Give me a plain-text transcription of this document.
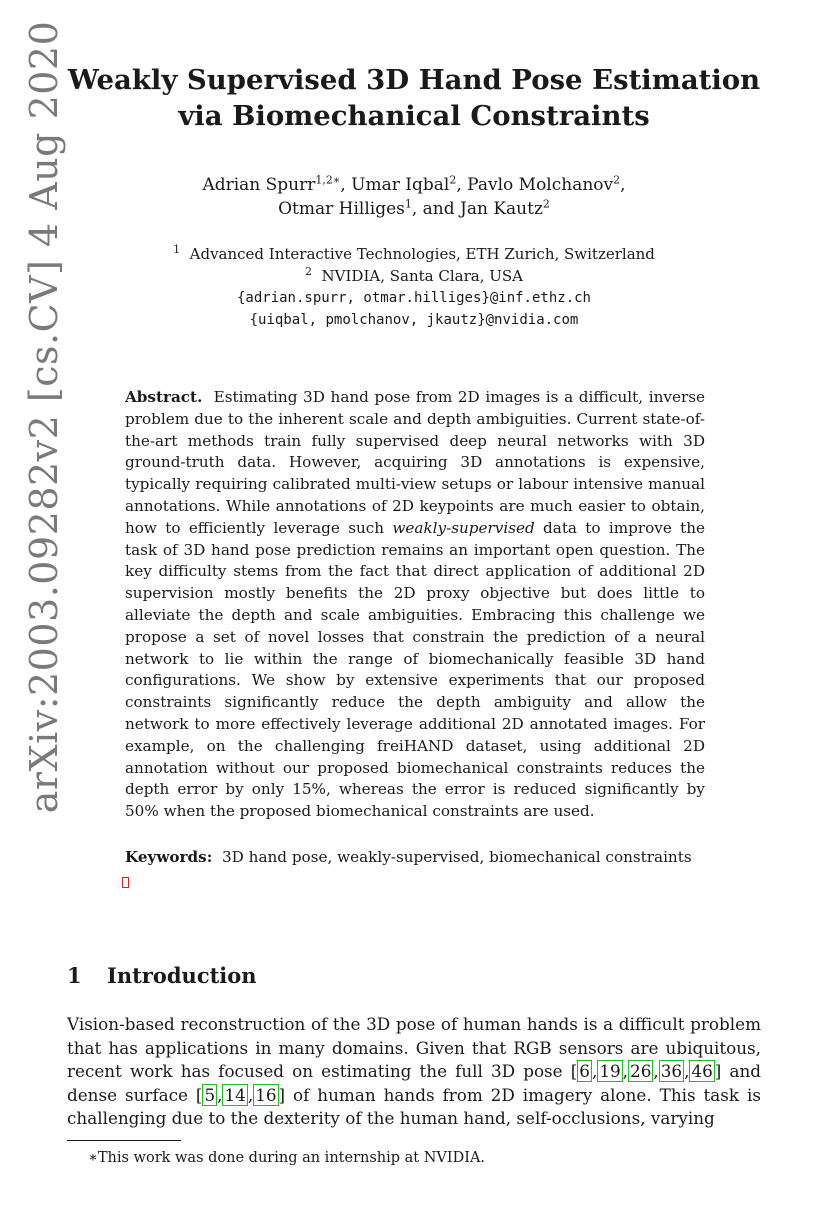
arXiv:2003.09282v2 [cs.CV] 4 Aug 2020 Weakly Supervised 3D Hand Pose Estimation
via Biomechanical Constraints
Adrian Spurr$^{1,2∗}$, Umar Iqbal$^2$, Pavlo Molchanov$^2$,
Otmar Hilliges$^1$, and Jan Kautz$^2$
$^1$ Advanced Interactive Technologies, ETH Zurich, Switzerland
$^2$ NVIDIA, Santa Clara, USA
{adrian.spurr, otmar.hilliges}@inf.ethz.ch
{uiqbal, pmolchanov, jkautz}@nvidia.com
Abstract. Estimating 3D hand pose from 2D images is a difficult, inverse problem due to the inherent scale and depth ambiguities. Current state-of-the-art methods train fully supervised deep neural networks with 3D ground-truth data. However, acquiring 3D annotations is expensive, typically requiring calibrated multi-view setups or labour intensive manual annotations. While annotations of 2D keypoints are much easier to obtain, how to efficiently leverage such weakly-supervised data to improve the task of 3D hand pose prediction remains an important open question. The key difficulty stems from the fact that direct application of additional 2D supervision mostly benefits the 2D proxy objective but does little to alleviate the depth and scale ambiguities. Embracing this challenge we propose a set of novel losses that constrain the prediction of a neural network to lie within the range of biomechanically feasible 3D hand configurations. We show by extensive experiments that our proposed constraints significantly reduce the depth ambiguity and allow the network to more effectively leverage additional 2D annotated images. For example, on the challenging freiHAND dataset, using additional 2D annotation without our proposed biomechanical constraints reduces the depth error by only 15%, whereas the error is reduced significantly by 50% when the proposed biomechanical constraints are used.
Keywords: 3D hand pose, weakly-supervised, biomechanical constraints
1 Introduction
Vision-based reconstruction of the 3D pose of human hands is a difficult problem that has applications in many domains. Given that RGB sensors are ubiquitous, recent work has focused on estimating the full 3D pose [ 6 , 19 , 26 , 36 , 46 ] and dense surface [ 5 , 14 , 16 ] of human hands from 2D imagery alone. This task is challenging due to the dexterity of the human hand, self-occlusions, varying
∗This work was done during an internship at NVIDIA.
